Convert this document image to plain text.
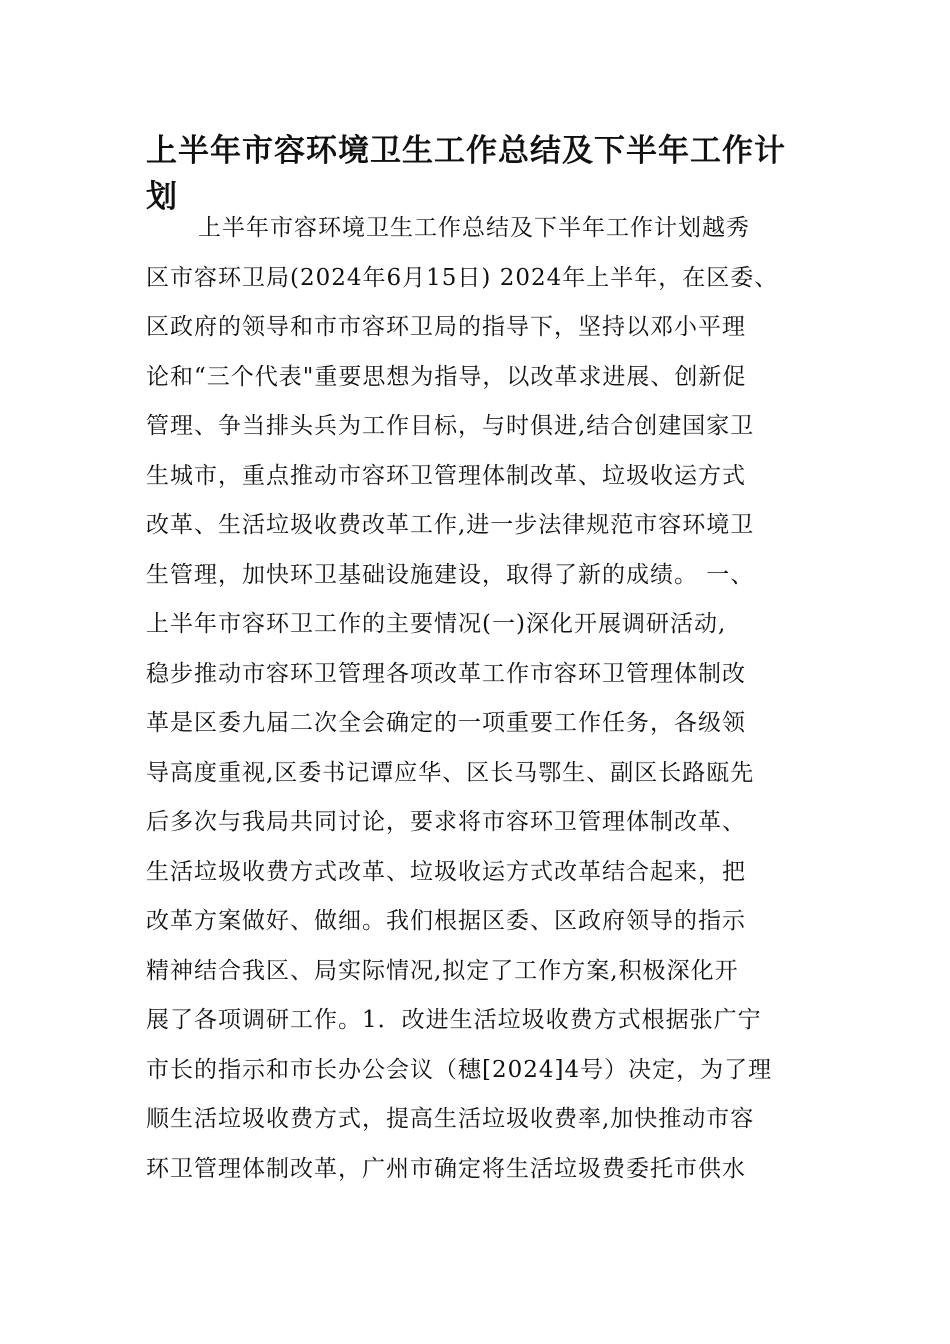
上半年市容环境卫生工作总结及下半年工作计
划
上半年市容环境卫生工作总结及下半年工作计划越秀
区市容环卫局(2024年6月15日) 2024年上半年，在区委、
区政府的领导和市市容环卫局的指导下，坚持以邓小平理
论和“三个代表"重要思想为指导，以改革求进展、创新促
管理、争当排头兵为工作目标，与时俱进,结合创建国家卫
生城市，重点推动市容环卫管理体制改革、垃圾收运方式
改革、生活垃圾收费改革工作,进一步法律规范市容环境卫
生管理，加快环卫基础设施建设，取得了新的成绩。 一、
上半年市容环卫工作的主要情况(一)深化开展调研活动,
稳步推动市容环卫管理各项改革工作市容环卫管理体制改
革是区委九届二次全会确定的一项重要工作任务，各级领
导高度重视,区委书记谭应华、区长马鄂生、副区长路瓯先
后多次与我局共同讨论，要求将市容环卫管理体制改革、
生活垃圾收费方式改革、垃圾收运方式改革结合起来，把
改革方案做好、做细。我们根据区委、区政府领导的指示
精神结合我区、局实际情况,拟定了工作方案,积极深化开
展了各项调研工作。1．改进生活垃圾收费方式根据张广宁
市长的指示和市长办公会议（穗[2024]4号）决定，为了理
顺生活垃圾收费方式，提高生活垃圾收费率,加快推动市容
环卫管理体制改革，广州市确定将生活垃圾费委托市供水
